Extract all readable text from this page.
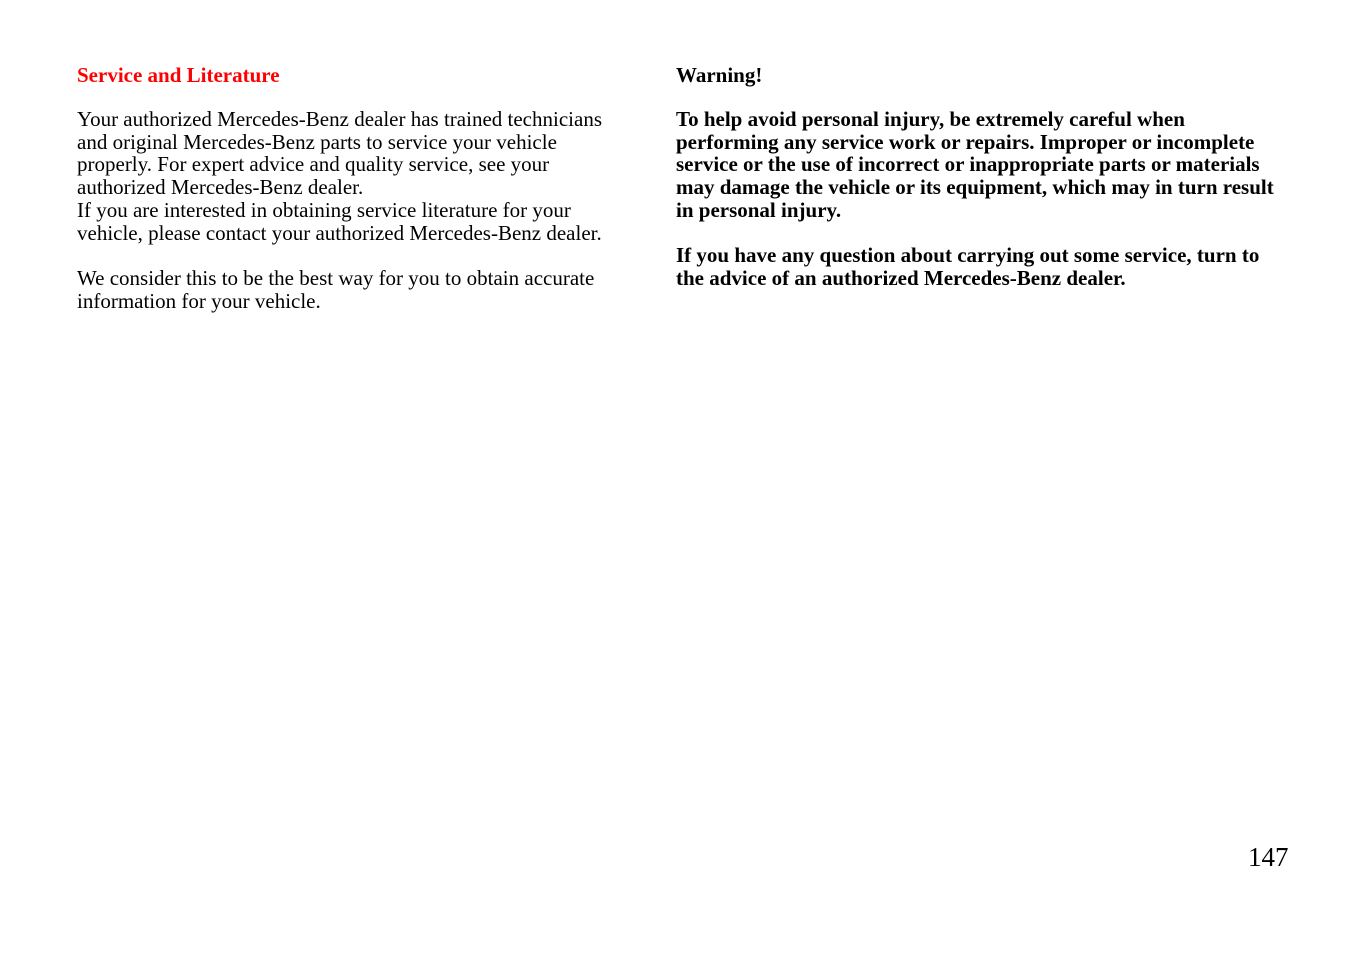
Service and Literature

Your authorized Mercedes-Benz dealer has trained technicians and original Mercedes-Benz parts to service your vehicle properly. For expert advice and quality service, see your authorized Mercedes-Benz dealer.

If you are interested in obtaining service literature for your vehicle, please contact your authorized Mercedes-Benz dealer.

We consider this to be the best way for you to obtain accurate information for your vehicle.

Warning!

To help avoid personal injury, be extremely careful when performing any service work or repairs. Improper or incomplete service or the use of incorrect or inappropriate parts or materials may damage the vehicle or its equipment, which may in turn result in personal injury.

If you have any question about carrying out some service, turn to the advice of an authorized Mercedes-Benz dealer.

147
